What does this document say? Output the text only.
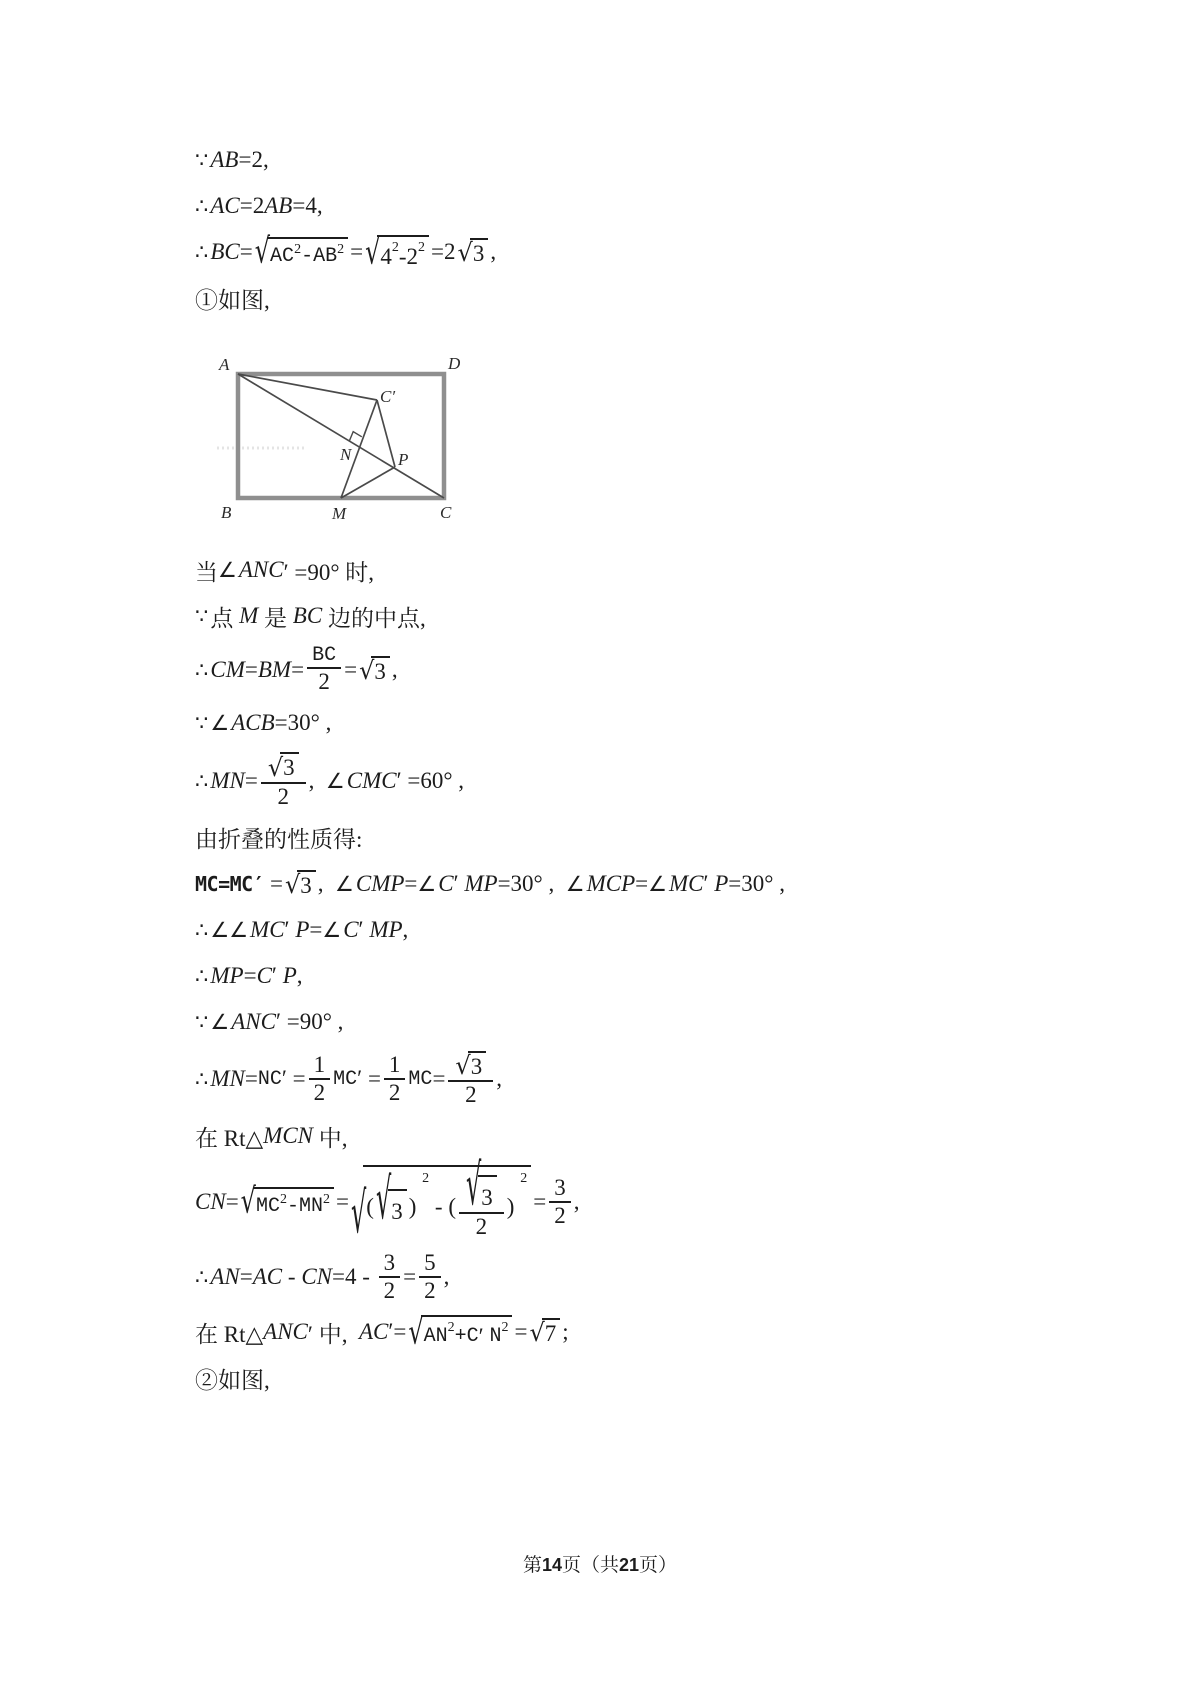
∵ AB =2,
∴ AC =2 AB =4,
∴ BC = √ AC 2 -AB 2 = √ 4 2 -2 2 =2 √ 3 ,
①如图,
A	D
B	C
M
N	P
C′
当 ∠ ANC ′ =90° 时,
∵ 点 M 是 BC 边的中点,
∴ CM = BM = $\frac{BC}{2}$ = √ 3 ,
∵ ∠ ACB =30° ,
∴ MN = $\frac{√ 3}{2}$ , ∠ CMC ′ =60° ,
由折叠的性质得:
MC=MC′ = √ 3 , ∠ CMP = ∠ C ′ MP =30° , ∠ MCP = ∠ MC ′ P =30° ,
∴ ∠∠ MC ′ P = ∠ C ′ MP ,
∴ MP = C ′ P ,
∵ ∠ ANC ′ =90° ,
∴ MN = NC ′ = $\frac{1}{2}$ MC ′ = $\frac{1}{2}$ MC = $\frac{√ 3}{2}$ ,
在 Rt△ MCN 中,
CN = √ MC 2 -MN 2 = √ ( √ 3 )
2
- ( $\frac{√ 3}{2}$ )
2
= $\frac{3}{2}$ ,
∴ AN = AC - CN $=4 - \frac{3}{2} = \frac{5}{2}$ ,
在 Rt△ ANC ′ 中, AC ′= √ AN 2 +C ′ N 2 = √ 7 ;
②如图,
第14页（共21页）
